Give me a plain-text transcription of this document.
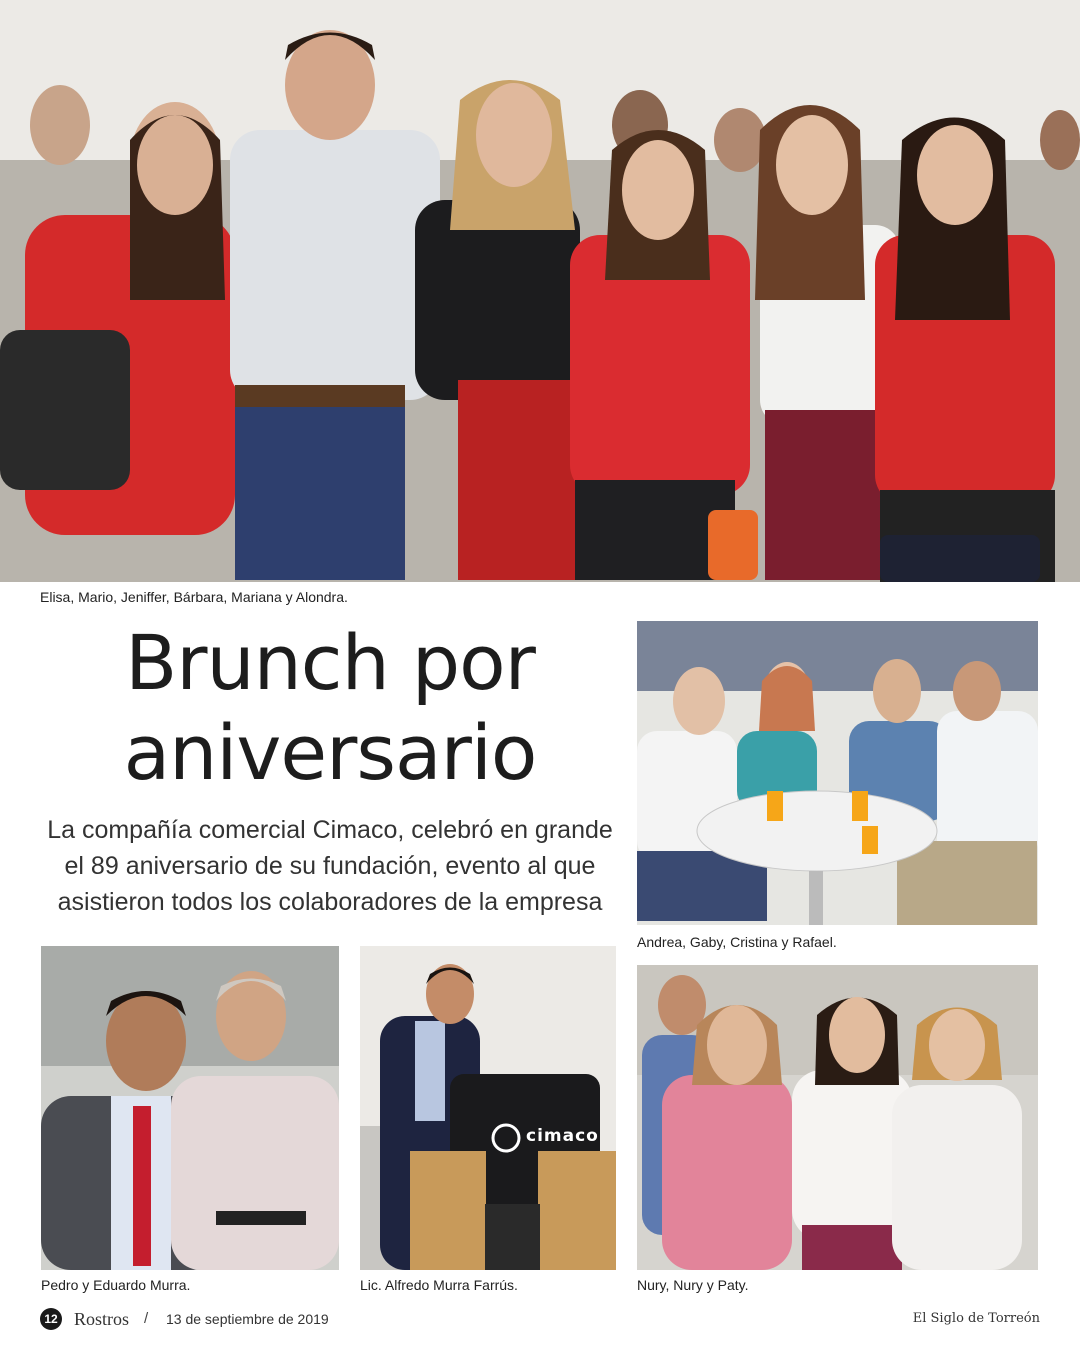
Elisa, Mario, Jeniffer, Bárbara, Mariana y Alondra.
Brunch por
aniversario
La compañía comercial Cimaco, celebró en grande el 89 aniversario de su fundación, evento al que asistieron todos los colaboradores de la empresa
Andrea, Gaby, Cristina y Rafael.
Pedro y Eduardo Murra.
cimaco
Lic. Alfredo Murra Farrús.	Nury, Nury y Paty.
12 Rostros / 13 de septiembre de 2019	El Siglo de Torreón
